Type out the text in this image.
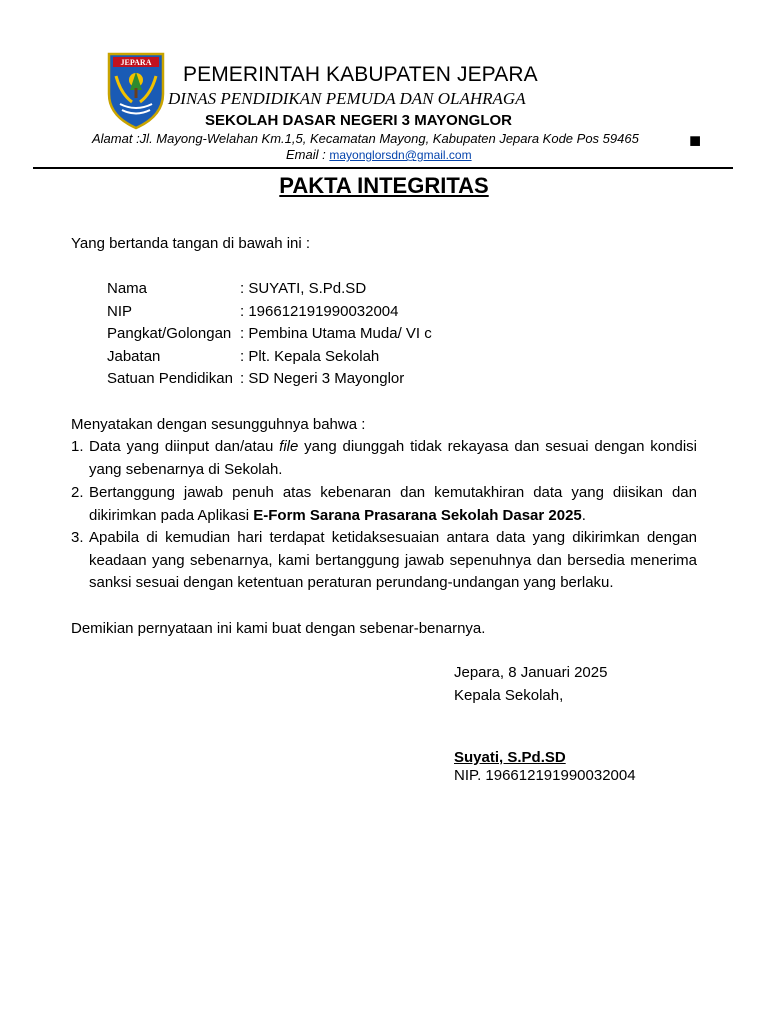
JEPARA
PEMERINTAH KABUPATEN JEPARA
DINAS PENDIDIKAN PEMUDA DAN OLAHRAGA
SEKOLAH DASAR NEGERI 3 MAYONGLOR
Alamat :Jl. Mayong-Welahan Km.1,5, Kecamatan Mayong, Kabupaten Jepara Kode Pos 59465	■
Email : mayonglorsdn@gmail.com
PAKTA INTEGRITAS
Yang bertanda tangan di bawah ini :
Nama	: SUYATI, S.Pd.SD
NIP	: 196612191990032004
Pangkat/Golongan : Pembina Utama Muda/ VI c
Jabatan	: Plt. Kepala Sekolah
Satuan Pendidikan : SD Negeri 3 Mayonglor
Menyatakan dengan sesungguhnya bahwa :
1. Data yang diinput dan/atau file yang diunggah tidak rekayasa dan sesuai dengan kondisi yang sebenarnya di Sekolah.
2. Bertanggung jawab penuh atas kebenaran dan kemutakhiran data yang diisikan dan dikirimkan pada Aplikasi E-Form Sarana Prasarana Sekolah Dasar 2025.
3. Apabila di kemudian hari terdapat ketidaksesuaian antara data yang dikirimkan dengan keadaan yang sebenarnya, kami bertanggung jawab sepenuhnya dan bersedia menerima sanksi sesuai dengan ketentuan peraturan perundang-undangan yang berlaku.
Demikian pernyataan ini kami buat dengan sebenar-benarnya.
Jepara, 8 Januari 2025
Kepala Sekolah,
Suyati, S.Pd.SD
NIP. 196612191990032004
